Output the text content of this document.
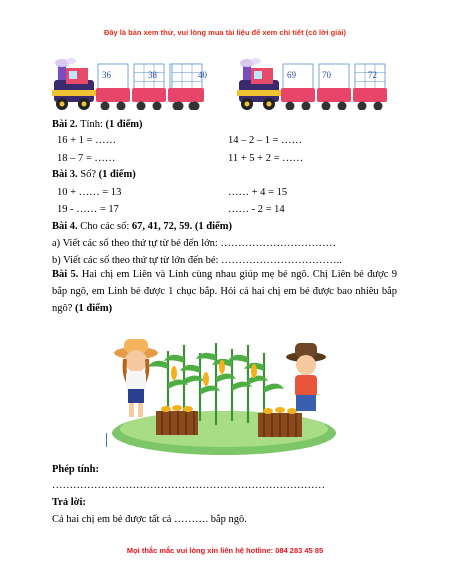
Đây là bản xem thử, vui lòng mua tài liệu để xem chi tiết (có lời giải)
36	38	40	69	70	72
Bài 2. Tính: (1 điểm)
16 + 1 = ……	14 – 2 – 1 = ……
18 – 7 = ……	11 + 5 + 2 = ……
Bài 3. Số? (1 điểm)
10 + …… = 13	…… + 4 = 15
19 - …… = 17	…… - 2 = 14
Bài 4. Cho các số: 67, 41, 72, 59. (1 điểm)
a) Viết các số theo thứ tự từ bé đến lớn: ……………………………
b) Viết các số theo thứ tự từ lớn đến bé: ……………………………..
Bài 5. Hai chị em Liên và Linh cùng nhau giúp mẹ bẻ ngô. Chị Liên bẻ được 9 bắp ngô, em Linh bẻ được 1 chục bắp. Hỏi cả hai chị em bẻ được bao nhiêu bắp ngô? (1 điểm)
Phép tính:
……………………………………………………………………
Trả lời:
Cả hai chị em bẻ được tất cả ………. bắp ngô.
Mọi thắc mắc vui lòng xin liên hệ hotline: 084 283 45 85
